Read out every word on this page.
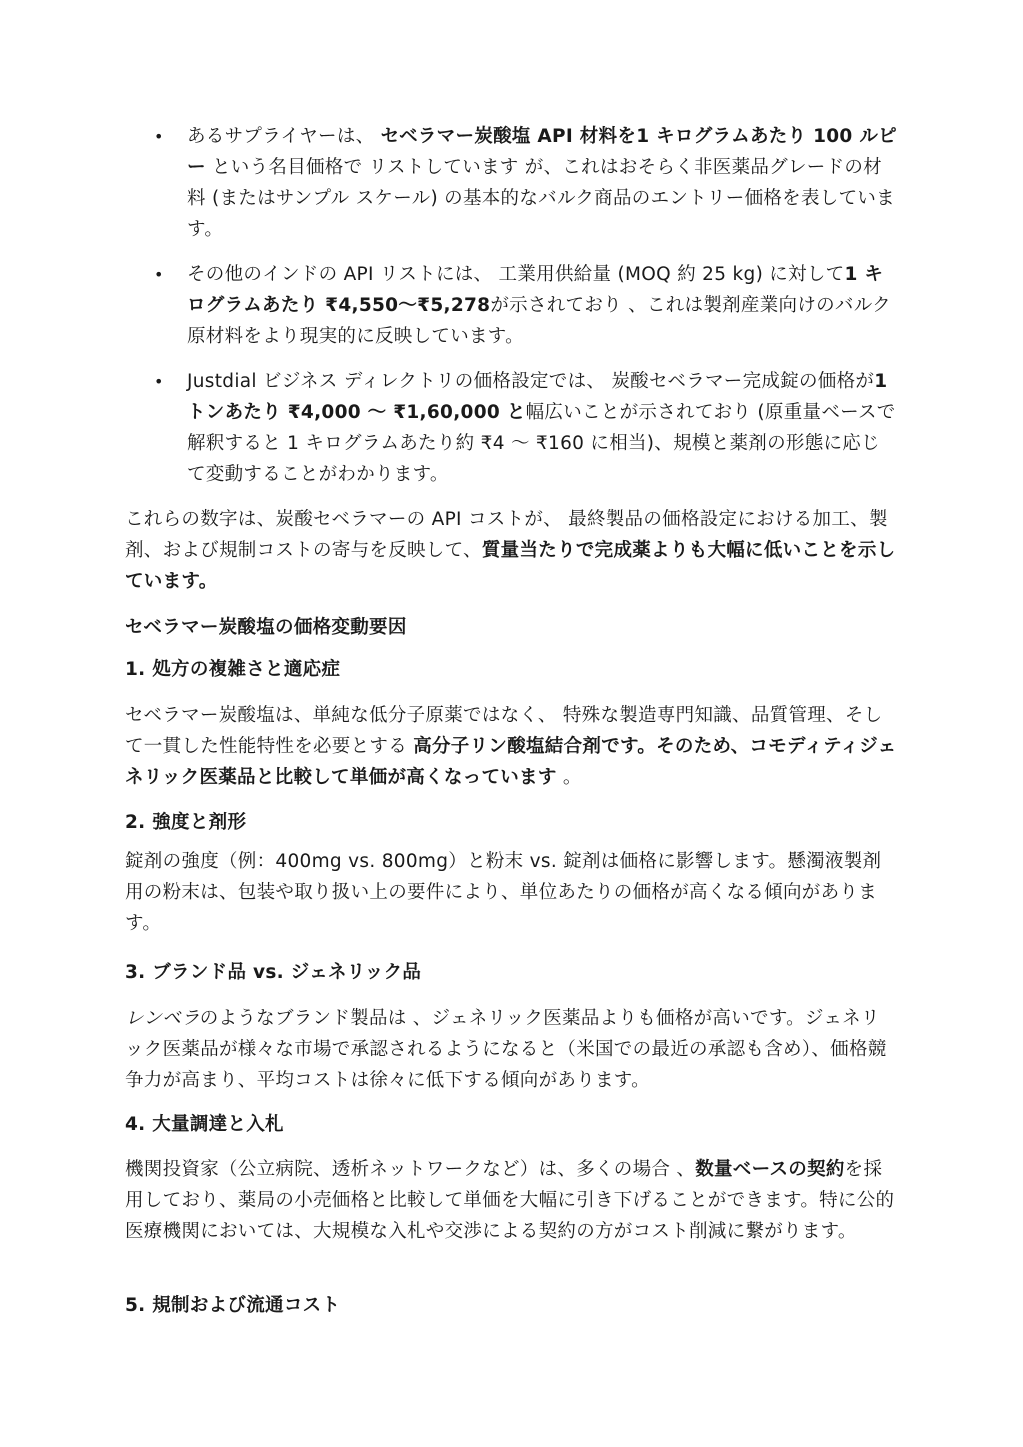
• あるサプライヤーは、 セベラマー炭酸塩 API 材料を1 キログラムあたり 100 ルピー という名目価格で リストしています が、これはおそらく非医薬品グレードの材料 (またはサンプル スケール) の基本的なバルク商品のエントリー価格を表しています。
• その他のインドの API リストには、 工業用供給量 (MOQ 約 25 kg) に対して1 キログラムあたり ₹4,550〜₹5,278が示されており 、これは製剤産業向けのバルク原材料をより現実的に反映しています。
• Justdial ビジネス ディレクトリの価格設定では、 炭酸セベラマー完成錠の価格が1 トンあたり ₹4,000 〜 ₹1,60,000 と幅広いことが示されており (原重量ベースで解釈すると 1 キログラムあたり約 ₹4 〜 ₹160 に相当)、規模と薬剤の形態に応じて変動することがわかります。
これらの数字は、炭酸セベラマーの API コストが、 最終製品の価格設定における加工、製剤、および規制コストの寄与を反映して、質量当たりで完成薬よりも大幅に低いことを示しています。
セベラマー炭酸塩の価格変動要因
1. 処方の複雑さと適応症
セベラマー炭酸塩は、単純な低分子原薬ではなく、 特殊な製造専門知識、品質管理、そして一貫した性能特性を必要とする 高分子リン酸塩結合剤です。そのため、コモディティジェネリック医薬品と比較して単価が高くなっています 。
2. 強度と剤形
錠剤の強度（例：400mg vs. 800mg）と粉末 vs. 錠剤は価格に影響します。懸濁液製剤用の粉末は、包装や取り扱い上の要件により、単位あたりの価格が高くなる傾向があります。
3. ブランド品 vs. ジェネリック品
レンベラのようなブランド製品は 、ジェネリック医薬品よりも価格が高いです。ジェネリック医薬品が様々な市場で承認されるようになると（米国での最近の承認も含め）、価格競争力が高まり、平均コストは徐々に低下する傾向があります。
4. 大量調達と入札
機関投資家（公立病院、透析ネットワークなど）は、多くの場合 、数量ベースの契約を採用しており、薬局の小売価格と比較して単価を大幅に引き下げることができます。特に公的医療機関においては、大規模な入札や交渉による契約の方がコスト削減に繋がります。
5. 規制および流通コスト
